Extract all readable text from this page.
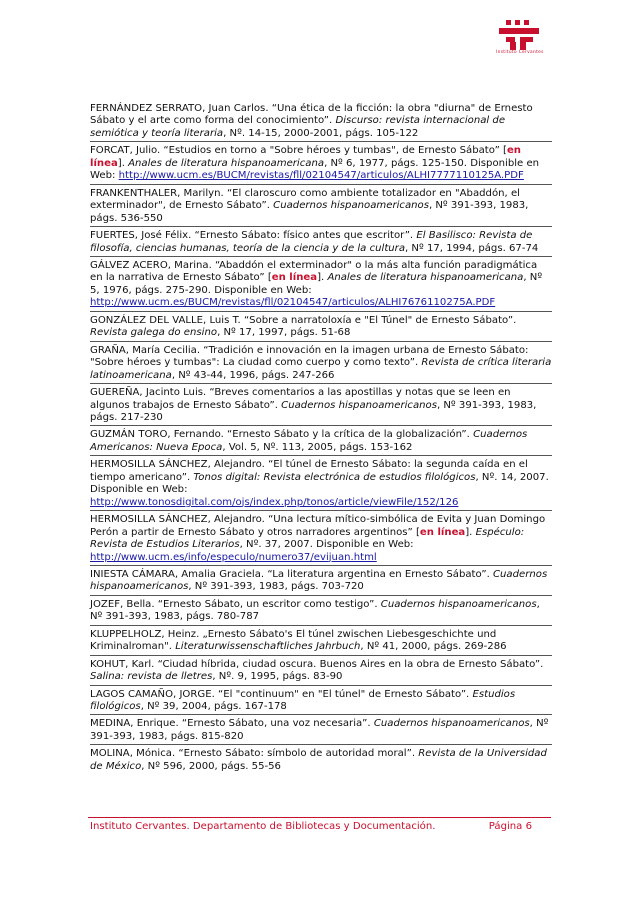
Instituto Cervantes
FERNÁNDEZ SERRATO, Juan Carlos. “Una ética de la ficción: la obra "diurna" de Ernesto Sábato y el arte como forma del conocimiento”. Discurso: revista internacional de semiótica y teoría literaria, Nº. 14-15, 2000-2001, págs. 105-122
FORCAT, Julio. “Estudios en torno a "Sobre héroes y tumbas", de Ernesto Sábato” [en línea]. Anales de literatura hispanoamericana, Nº 6, 1977, págs. 125-150. Disponible en Web: http://www.ucm.es/BUCM/revistas/fll/02104547/articulos/ALHI7777110125A.PDF
FRANKENTHALER, Marilyn. “El claroscuro como ambiente totalizador en "Abaddón, el exterminador", de Ernesto Sábato”. Cuadernos hispanoamericanos, Nº 391-393, 1983, págs. 536-550
FUERTES, José Félix. “Ernesto Sábato: físico antes que escritor”. El Basilisco: Revista de filosofía, ciencias humanas, teoría de la ciencia y de la cultura, Nº 17, 1994, págs. 67-74
GÁLVEZ ACERO, Marina. “Abaddón el exterminador" o la más alta función paradigmática en la narrativa de Ernesto Sábato” [en línea]. Anales de literatura hispanoamericana, Nº 5, 1976, págs. 275-290. Disponible en Web: http://www.ucm.es/BUCM/revistas/fll/02104547/articulos/ALHI7676110275A.PDF
GONZÁLEZ DEL VALLE, Luis T. “Sobre a narratoloxía e "El Túnel" de Ernesto Sábato”. Revista galega do ensino, Nº 17, 1997, págs. 51-68
GRAÑA, María Cecilia. “Tradición e innovación en la imagen urbana de Ernesto Sábato: "Sobre héroes y tumbas": La ciudad como cuerpo y como texto”. Revista de crítica literaria latinoamericana, Nº 43-44, 1996, págs. 247-266
GUEREÑA, Jacinto Luis. “Breves comentarios a las apostillas y notas que se leen en algunos trabajos de Ernesto Sábato”. Cuadernos hispanoamericanos, Nº 391-393, 1983, págs. 217-230
GUZMÁN TORO, Fernando. “Ernesto Sábato y la crítica de la globalización”. Cuadernos Americanos: Nueva Epoca, Vol. 5, Nº. 113, 2005, págs. 153-162
HERMOSILLA SÁNCHEZ, Alejandro. “El túnel de Ernesto Sábato: la segunda caída en el tiempo americano”. Tonos digital: Revista electrónica de estudios filológicos, Nº. 14, 2007. Disponible en Web: http://www.tonosdigital.com/ojs/index.php/tonos/article/viewFile/152/126
HERMOSILLA SÁNCHEZ, Alejandro. “Una lectura mítico-simbólica de Evita y Juan Domingo Perón a partir de Ernesto Sábato y otros narradores argentinos” [en línea]. Espéculo: Revista de Estudios Literarios, Nº. 37, 2007. Disponible en Web: http://www.ucm.es/info/especulo/numero37/evijuan.html
INIESTA CÁMARA, Amalia Graciela. “La literatura argentina en Ernesto Sábato”. Cuadernos hispanoamericanos, Nº 391-393, 1983, págs. 703-720
JOZEF, Bella. “Ernesto Sábato, un escritor como testigo”. Cuadernos hispanoamericanos, Nº 391-393, 1983, págs. 780-787
KLUPPELHOLZ, Heinz. „Ernesto Sábato's El túnel zwischen Liebesgeschichte und Kriminalroman". Literaturwissenschaftliches Jahrbuch, Nº 41, 2000, págs. 269-286
KOHUT, Karl. “Ciudad híbrida, ciudad oscura. Buenos Aires en la obra de Ernesto Sábato”. Salina: revista de lletres, Nº. 9, 1995, págs. 83-90
LAGOS CAMAÑO, JORGE. “El "continuum" en "El túnel" de Ernesto Sábato”. Estudios filológicos, Nº 39, 2004, págs. 167-178
MEDINA, Enrique. “Ernesto Sábato, una voz necesaria”. Cuadernos hispanoamericanos, Nº 391-393, 1983, págs. 815-820
MOLINA, Mónica. “Ernesto Sábato: símbolo de autoridad moral”. Revista de la Universidad de México, Nº 596, 2000, págs. 55-56
Instituto Cervantes. Departamento de Bibliotecas y Documentación.	Página 6
